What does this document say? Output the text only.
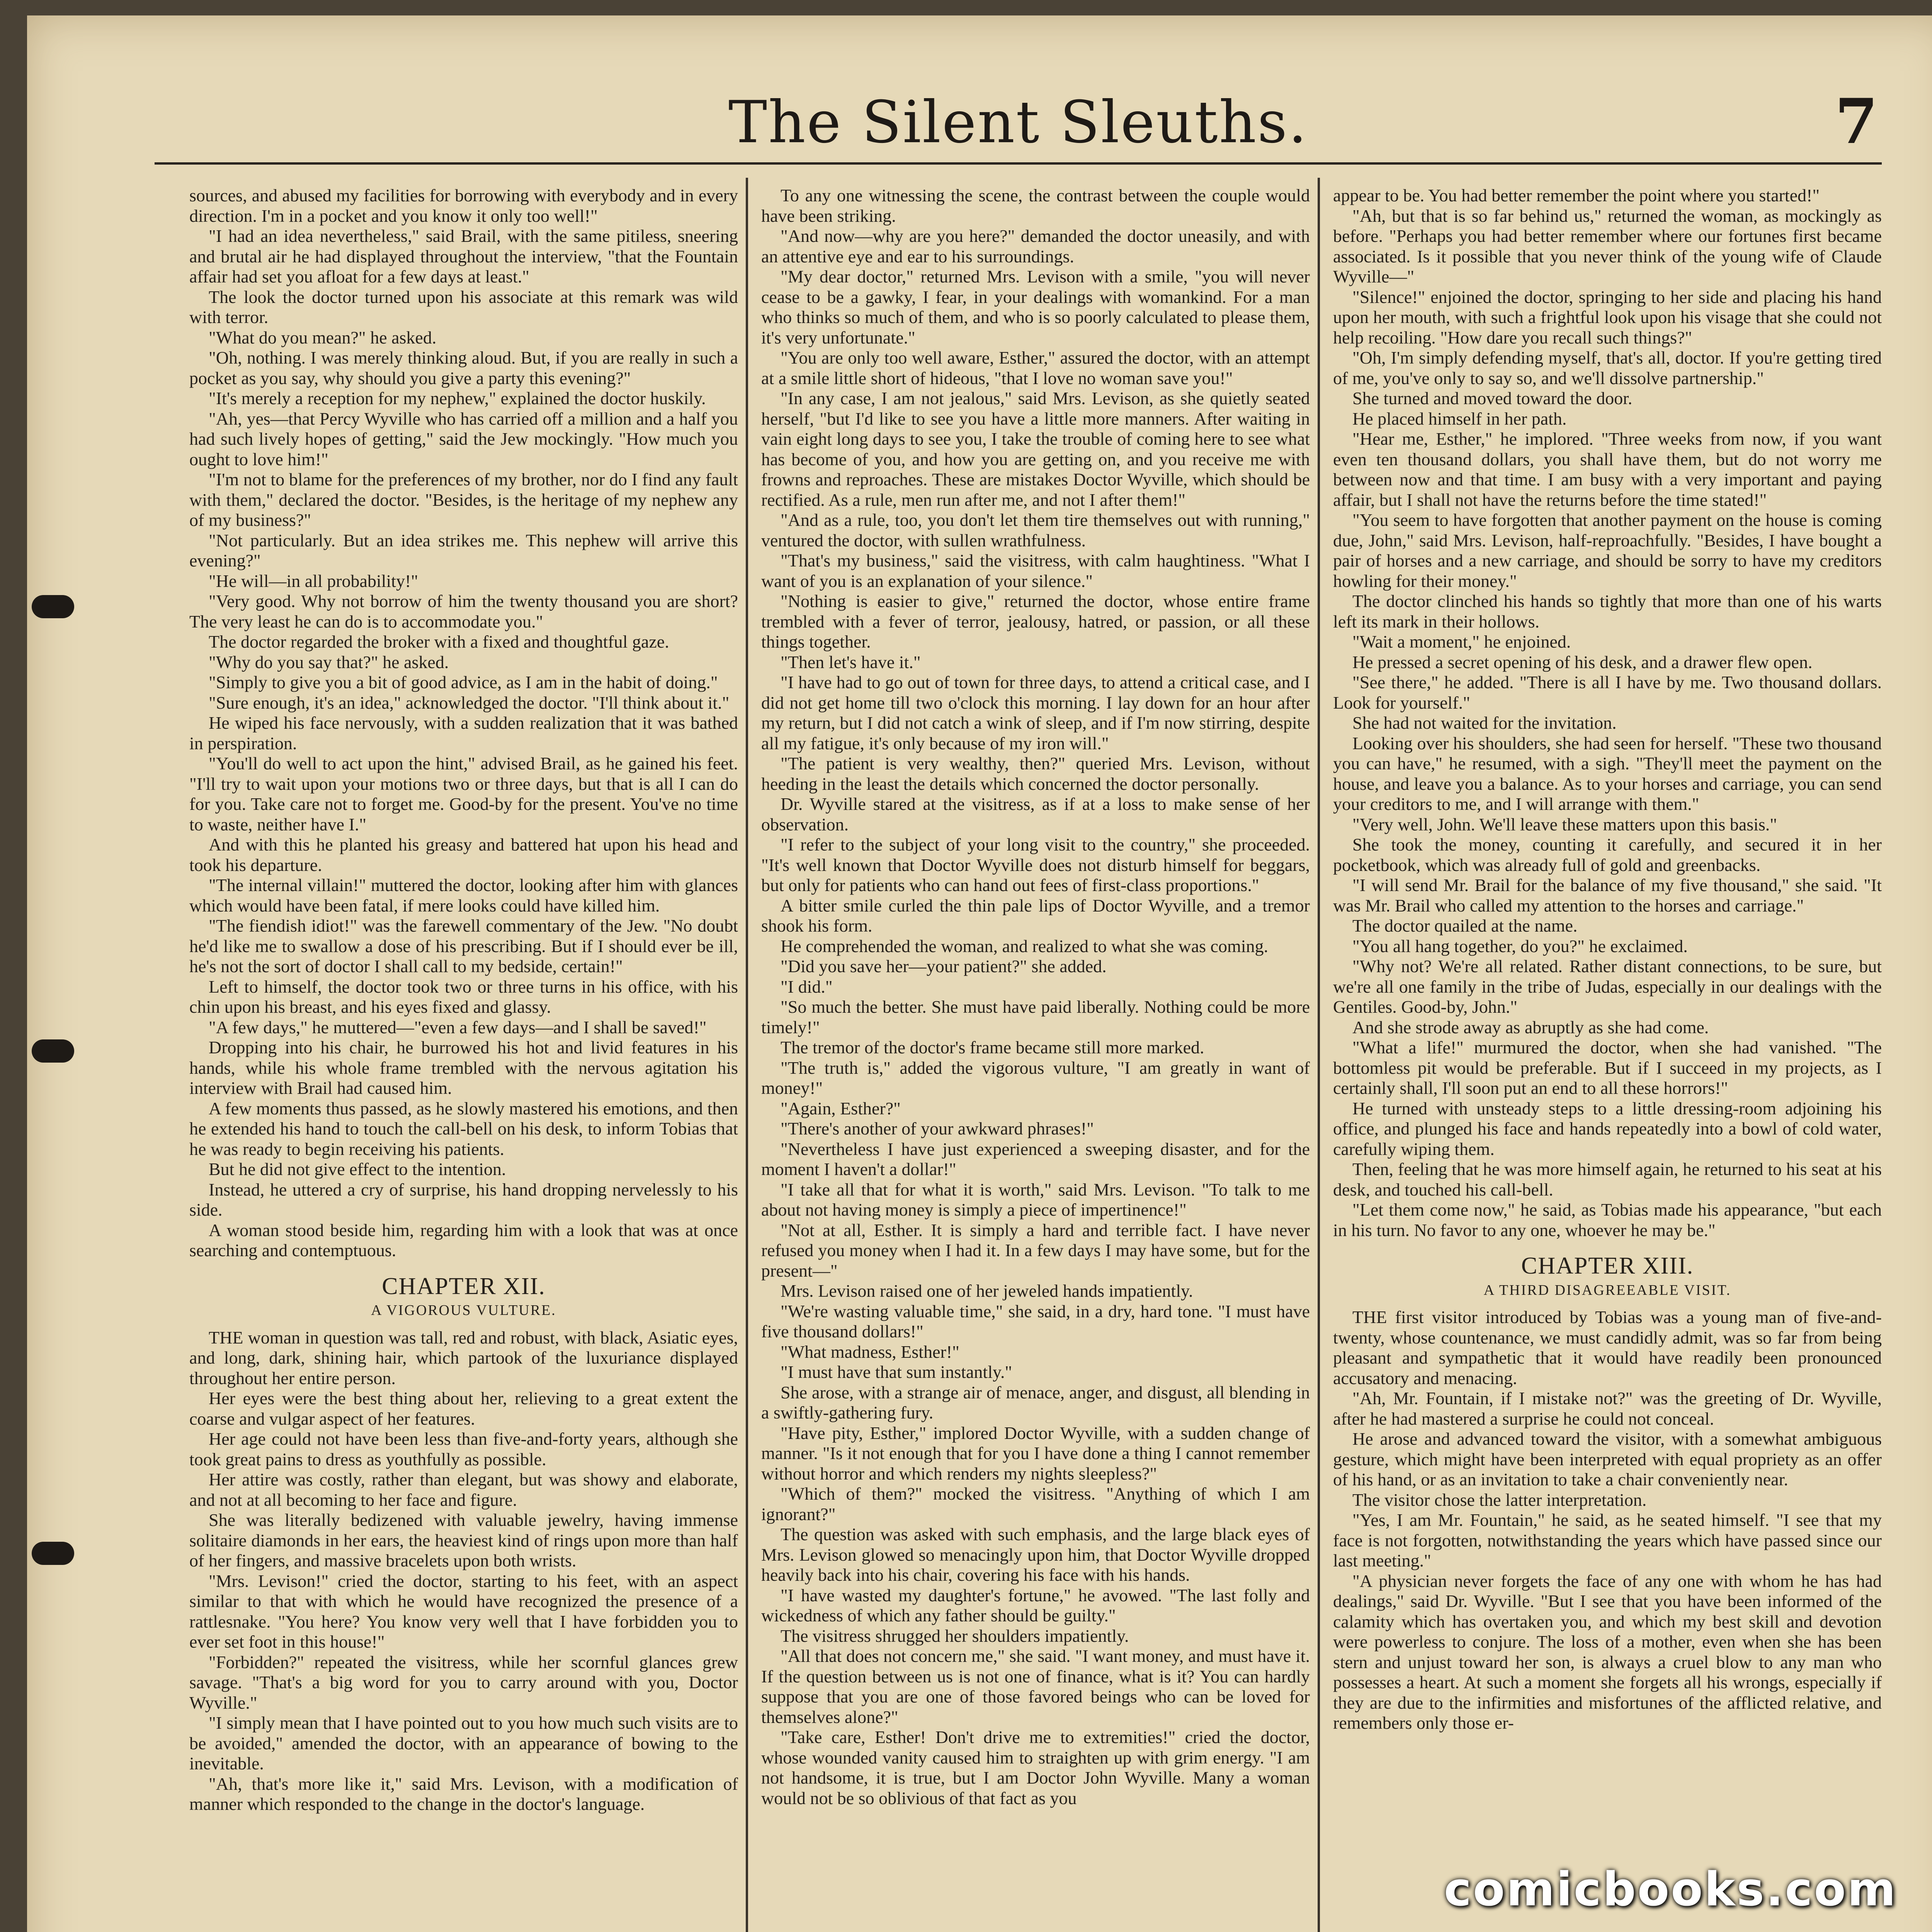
The Silent Sleuths.	7

sources, and abused my facilities for borrowing with everybody and in every direction. I'm in a pocket and you know it only too well!"

"I had an idea nevertheless," said Brail, with the same pitiless, sneering and brutal air he had displayed throughout the interview, "that the Fountain affair had set you afloat for a few days at least."

The look the doctor turned upon his associate at this remark was wild with terror.

"What do you mean?" he asked.

"Oh, nothing. I was merely thinking aloud. But, if you are really in such a pocket as you say, why should you give a party this evening?"

"It's merely a reception for my nephew," explained the doctor huskily.

"Ah, yes—that Percy Wyville who has carried off a million and a half you had such lively hopes of getting," said the Jew mockingly. "How much you ought to love him!"

"I'm not to blame for the preferences of my brother, nor do I find any fault with them," declared the doctor. "Besides, is the heritage of my nephew any of my business?"

"Not particularly. But an idea strikes me. This nephew will arrive this evening?"

"He will—in all probability!"

"Very good. Why not borrow of him the twenty thousand you are short? The very least he can do is to accommodate you."

The doctor regarded the broker with a fixed and thoughtful gaze.

"Why do you say that?" he asked.

"Simply to give you a bit of good advice, as I am in the habit of doing."

"Sure enough, it's an idea," acknowledged the doctor. "I'll think about it."

He wiped his face nervously, with a sudden realization that it was bathed in perspiration.

"You'll do well to act upon the hint," advised Brail, as he gained his feet. "I'll try to wait upon your motions two or three days, but that is all I can do for you. Take care not to forget me. Good-by for the present. You've no time to waste, neither have I."

And with this he planted his greasy and battered hat upon his head and took his departure.

"The internal villain!" muttered the doctor, looking after him with glances which would have been fatal, if mere looks could have killed him.

"The fiendish idiot!" was the farewell commentary of the Jew. "No doubt he'd like me to swallow a dose of his prescribing. But if I should ever be ill, he's not the sort of doctor I shall call to my bedside, certain!"

Left to himself, the doctor took two or three turns in his office, with his chin upon his breast, and his eyes fixed and glassy.

"A few days," he muttered—"even a few days—and I shall be saved!"

Dropping into his chair, he burrowed his hot and livid features in his hands, while his whole frame trembled with the nervous agitation his interview with Brail had caused him.

A few moments thus passed, as he slowly mastered his emotions, and then he extended his hand to touch the call-bell on his desk, to inform Tobias that he was ready to begin receiving his patients.

But he did not give effect to the intention.

Instead, he uttered a cry of surprise, his hand dropping nervelessly to his side.

A woman stood beside him, regarding him with a look that was at once searching and contemptuous.

CHAPTER XII.
A VIGOROUS VULTURE.

THE woman in question was tall, red and robust, with black, Asiatic eyes, and long, dark, shining hair, which partook of the luxuriance displayed throughout her entire person.

Her eyes were the best thing about her, relieving to a great extent the coarse and vulgar aspect of her features.

Her age could not have been less than five-and-forty years, although she took great pains to dress as youthfully as possible.

Her attire was costly, rather than elegant, but was showy and elaborate, and not at all becoming to her face and figure.

She was literally bedizened with valuable jewelry, having immense solitaire diamonds in her ears, the heaviest kind of rings upon more than half of her fingers, and massive bracelets upon both wrists.

"Mrs. Levison!" cried the doctor, starting to his feet, with an aspect similar to that with which he would have recognized the presence of a rattlesnake. "You here? You know very well that I have forbidden you to ever set foot in this house!"

"Forbidden?" repeated the visitress, while her scornful glances grew savage. "That's a big word for you to carry around with you, Doctor Wyville."

"I simply mean that I have pointed out to you how much such visits are to be avoided," amended the doctor, with an appearance of bowing to the inevitable.

"Ah, that's more like it," said Mrs. Levison, with a modification of manner which responded to the change in the doctor's language.

To any one witnessing the scene, the contrast between the couple would have been striking.

"And now—why are you here?" demanded the doctor uneasily, and with an attentive eye and ear to his surroundings.

"My dear doctor," returned Mrs. Levison with a smile, "you will never cease to be a gawky, I fear, in your dealings with womankind. For a man who thinks so much of them, and who is so poorly calculated to please them, it's very unfortunate."

"You are only too well aware, Esther," assured the doctor, with an attempt at a smile little short of hideous, "that I love no woman save you!"

"In any case, I am not jealous," said Mrs. Levison, as she quietly seated herself, "but I'd like to see you have a little more manners. After waiting in vain eight long days to see you, I take the trouble of coming here to see what has become of you, and how you are getting on, and you receive me with frowns and reproaches. These are mistakes Doctor Wyville, which should be rectified. As a rule, men run after me, and not I after them!"

"And as a rule, too, you don't let them tire themselves out with running," ventured the doctor, with sullen wrathfulness.

"That's my business," said the visitress, with calm haughtiness. "What I want of you is an explanation of your silence."

"Nothing is easier to give," returned the doctor, whose entire frame trembled with a fever of terror, jealousy, hatred, or passion, or all these things together.

"Then let's have it."

"I have had to go out of town for three days, to attend a critical case, and I did not get home till two o'clock this morning. I lay down for an hour after my return, but I did not catch a wink of sleep, and if I'm now stirring, despite all my fatigue, it's only because of my iron will."

"The patient is very wealthy, then?" queried Mrs. Levison, without heeding in the least the details which concerned the doctor personally.

Dr. Wyville stared at the visitress, as if at a loss to make sense of her observation.

"I refer to the subject of your long visit to the country," she proceeded. "It's well known that Doctor Wyville does not disturb himself for beggars, but only for patients who can hand out fees of first-class proportions."

A bitter smile curled the thin pale lips of Doctor Wyville, and a tremor shook his form.

He comprehended the woman, and realized to what she was coming.

"Did you save her—your patient?" she added.

"I did."

"So much the better. She must have paid liberally. Nothing could be more timely!"

The tremor of the doctor's frame became still more marked.

"The truth is," added the vigorous vulture, "I am greatly in want of money!"

"Again, Esther?"

"There's another of your awkward phrases!"

"Nevertheless I have just experienced a sweeping disaster, and for the moment I haven't a dollar!"

"I take all that for what it is worth," said Mrs. Levison. "To talk to me about not having money is simply a piece of impertinence!"

"Not at all, Esther. It is simply a hard and terrible fact. I have never refused you money when I had it. In a few days I may have some, but for the present—"

Mrs. Levison raised one of her jeweled hands impatiently.

"We're wasting valuable time," she said, in a dry, hard tone. "I must have five thousand dollars!"

"What madness, Esther!"

"I must have that sum instantly."

She arose, with a strange air of menace, anger, and disgust, all blending in a swiftly-gathering fury.

"Have pity, Esther," implored Doctor Wyville, with a sudden change of manner. "Is it not enough that for you I have done a thing I cannot remember without horror and which renders my nights sleepless?"

"Which of them?" mocked the visitress. "Anything of which I am ignorant?"

The question was asked with such emphasis, and the large black eyes of Mrs. Levison glowed so menacingly upon him, that Doctor Wyville dropped heavily back into his chair, covering his face with his hands.

"I have wasted my daughter's fortune," he avowed. "The last folly and wickedness of which any father should be guilty."

The visitress shrugged her shoulders impatiently.

"All that does not concern me," she said. "I want money, and must have it. If the question between us is not one of finance, what is it? You can hardly suppose that you are one of those favored beings who can be loved for themselves alone?"

"Take care, Esther! Don't drive me to extremities!" cried the doctor, whose wounded vanity caused him to straighten up with grim energy. "I am not handsome, it is true, but I am Doctor John Wyville. Many a woman would not be so oblivious of that fact as you

appear to be. You had better remember the point where you started!"

"Ah, but that is so far behind us," returned the woman, as mockingly as before. "Perhaps you had better remember where our fortunes first became associated. Is it possible that you never think of the young wife of Claude Wyville—"

"Silence!" enjoined the doctor, springing to her side and placing his hand upon her mouth, with such a frightful look upon his visage that she could not help recoiling. "How dare you recall such things?"

"Oh, I'm simply defending myself, that's all, doctor. If you're getting tired of me, you've only to say so, and we'll dissolve partnership."

She turned and moved toward the door.

He placed himself in her path.

"Hear me, Esther," he implored. "Three weeks from now, if you want even ten thousand dollars, you shall have them, but do not worry me between now and that time. I am busy with a very important and paying affair, but I shall not have the returns before the time stated!"

"You seem to have forgotten that another payment on the house is coming due, John," said Mrs. Levison, half-reproachfully. "Besides, I have bought a pair of horses and a new carriage, and should be sorry to have my creditors howling for their money."

The doctor clinched his hands so tightly that more than one of his warts left its mark in their hollows.

"Wait a moment," he enjoined.

He pressed a secret opening of his desk, and a drawer flew open.

"See there," he added. "There is all I have by me. Two thousand dollars. Look for yourself."

She had not waited for the invitation.

Looking over his shoulders, she had seen for herself. "These two thousand you can have," he resumed, with a sigh. "They'll meet the payment on the house, and leave you a balance. As to your horses and carriage, you can send your creditors to me, and I will arrange with them."

"Very well, John. We'll leave these matters upon this basis."

She took the money, counting it carefully, and secured it in her pocketbook, which was already full of gold and greenbacks.

"I will send Mr. Brail for the balance of my five thousand," she said. "It was Mr. Brail who called my attention to the horses and carriage."

The doctor quailed at the name.

"You all hang together, do you?" he exclaimed.

"Why not? We're all related. Rather distant connections, to be sure, but we're all one family in the tribe of Judas, especially in our dealings with the Gentiles. Good-by, John."

And she strode away as abruptly as she had come.

"What a life!" murmured the doctor, when she had vanished. "The bottomless pit would be preferable. But if I succeed in my projects, as I certainly shall, I'll soon put an end to all these horrors!"

He turned with unsteady steps to a little dressing-room adjoining his office, and plunged his face and hands repeatedly into a bowl of cold water, carefully wiping them.

Then, feeling that he was more himself again, he returned to his seat at his desk, and touched his call-bell.

"Let them come now," he said, as Tobias made his appearance, "but each in his turn. No favor to any one, whoever he may be."

CHAPTER XIII.
A THIRD DISAGREEABLE VISIT.

THE first visitor introduced by Tobias was a young man of five-and-twenty, whose countenance, we must candidly admit, was so far from being pleasant and sympathetic that it would have readily been pronounced accusatory and menacing.

"Ah, Mr. Fountain, if I mistake not?" was the greeting of Dr. Wyville, after he had mastered a surprise he could not conceal.

He arose and advanced toward the visitor, with a somewhat ambiguous gesture, which might have been interpreted with equal propriety as an offer of his hand, or as an invitation to take a chair conveniently near.

The visitor chose the latter interpretation.

"Yes, I am Mr. Fountain," he said, as he seated himself. "I see that my face is not forgotten, notwithstanding the years which have passed since our last meeting."

"A physician never forgets the face of any one with whom he has had dealings," said Dr. Wyville. "But I see that you have been informed of the calamity which has overtaken you, and which my best skill and devotion were powerless to conjure. The loss of a mother, even when she has been stern and unjust toward her son, is always a cruel blow to any man who possesses a heart. At such a moment she forgets all his wrongs, especially if they are due to the infirmities and misfortunes of the afflicted relative, and remembers only those er-

comicbooks.com
